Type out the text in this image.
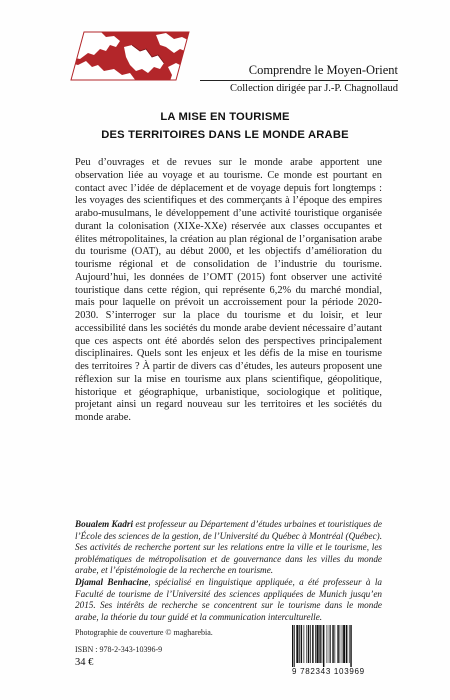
Comprendre le Moyen-Orient
Collection dirigée par J.-P. Chagnollaud
LA MISE EN TOURISME
DES TERRITOIRES DANS LE MONDE ARABE

Peu d’ouvrages et de revues sur le monde arabe apportent une observation liée au voyage et au tourisme. Ce monde est pourtant en contact avec l’idée de déplacement et de voyage depuis fort longtemps : les voyages des scientifiques et des commerçants à l’époque des empires arabo-musulmans, le développement d’une activité touristique organisée durant la colonisation (XIXe-XXe) réservée aux classes occupantes et élites métropolitaines, la création au plan régional de l’organisation arabe du tourisme (OAT), au début 2000, et les objectifs d’amélioration du tourisme régional et de consolidation de l’industrie du tourisme. Aujourd’hui, les données de l’OMT (2015) font observer une activité touristique dans cette région, qui représente 6,2% du marché mondial, mais pour laquelle on prévoit un accroissement pour la période 2020-2030. S’interroger sur la place du tourisme et du loisir, et leur accessibilité dans les sociétés du monde arabe devient nécessaire d’autant que ces aspects ont été abordés selon des perspectives principalement disciplinaires. Quels sont les enjeux et les défis de la mise en tourisme des territoires ? À partir de divers cas d’études, les auteurs proposent une réflexion sur la mise en tourisme aux plans scientifique, géopolitique, historique et géographique, urbanistique, sociologique et politique, projetant ainsi un regard nouveau sur les territoires et les sociétés du monde arabe.

Boualem Kadri est professeur au Département d’études urbaines et touristiques de l’École des sciences de la gestion, de l’Université du Québec à Montréal (Québec). Ses activités de recherche portent sur les relations entre la ville et le tourisme, les problématiques de métropolisation et de gouvernance dans les villes du monde arabe, et l’épistémologie de la recherche en tourisme.
Djamal Benhacine, spécialisé en linguistique appliquée, a été professeur à la Faculté de tourisme de l’Université des sciences appliquées de Munich jusqu’en 2015. Ses intérêts de recherche se concentrent sur le tourisme dans le monde arabe, la théorie du tour guidé et la communication interculturelle.
Photographie de couverture © magharebia.
ISBN : 978-2-343-10396-9
34 €
9 782343 103969
